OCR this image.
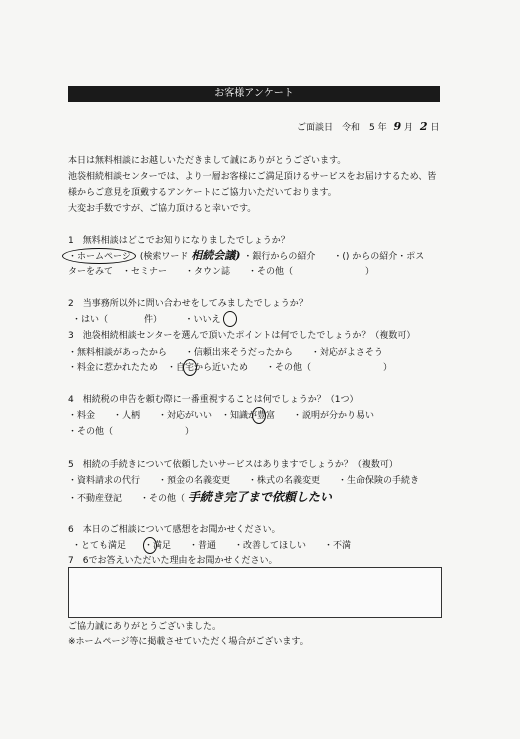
お客様アンケート
ご面談日　令和　5 年 9 月 2 日
本日は無料相談にお越しいただきまして誠にありがとうございます。
池袋相続相談センターでは、より一層お客様にご満足頂けるサービスをお届けするため、皆
様からご意見を頂戴するアンケートにご協力いただいております。
大変お手数ですが、ご協力頂けると幸いです。
1　無料相談はどこでお知りになりましたでしょうか？
・ホームページ　(検索ワード 相続会議) ・銀行からの紹介　　・() からの紹介・ポス
ターをみて　・セミナー　　・タウン誌　　・その他（　　　　　　　　）
2　当事務所以外に問い合わせをしてみましたでしょうか？
・はい（　　　　件）　　　・いいえ
3　池袋相続相談センターを選んで頂いたポイントは何でしたでしょうか？（複数可）
・無料相談があったから　　・信頼出来そうだったから　　・対応がよさそう
・料金に惹かれたため　・自宅から近いため　　・その他（　　　　　　　　）
4　相続税の申告を頼む際に一番重視することは何でしょうか？（1つ）
・料金　　・人柄　　・対応がいい　・知識が豊富　　・説明が分かり易い
・その他（　　　　　　　　）
5　相続の手続きについて依頼したいサービスはありますでしょうか？（複数可）
・資料請求の代行　　・預金の名義変更　　・株式の名義変更　　・生命保険の手続き
・不動産登記　　・その他（ 手続き完了まで依頼したい
6　本日のご相談について感想をお聞かせください。
・とても満足　　・満足　　・普通　　・改善してほしい　　・不満
7　6でお答えいただいた理由をお聞かせください。
ご協力誠にありがとうございました。
※ホームページ等に掲載させていただく場合がございます。
